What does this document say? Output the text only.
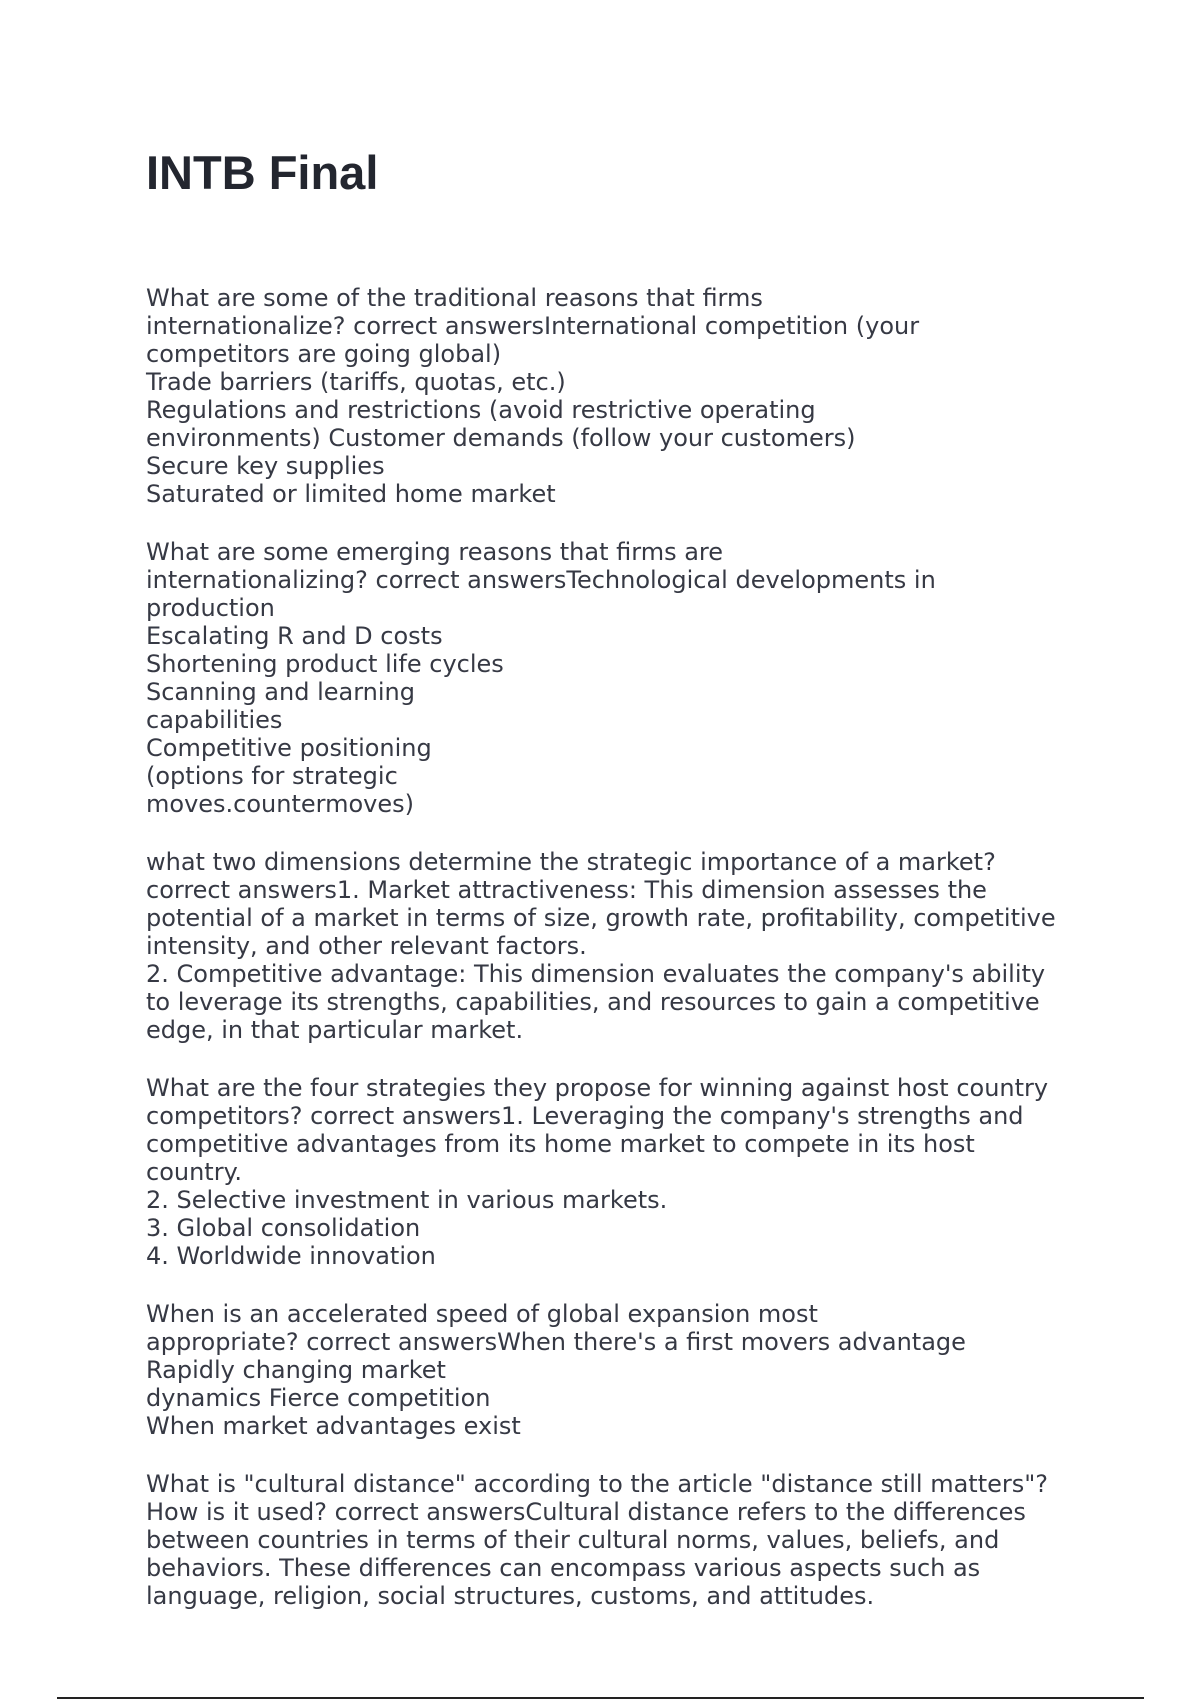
INTB Final
What are some of the traditional reasons that firms
internationalize? correct answersInternational competition (your
competitors are going global)
Trade barriers (tariffs, quotas, etc.)
Regulations and restrictions (avoid restrictive operating
environments) Customer demands (follow your customers)
Secure key supplies
Saturated or limited home market
What are some emerging reasons that firms are
internationalizing? correct answersTechnological developments in
production
Escalating R and D costs
Shortening product life cycles
Scanning and learning
capabilities
Competitive positioning
(options for strategic
moves.countermoves)
what two dimensions determine the strategic importance of a market?
correct answers1. Market attractiveness: This dimension assesses the
potential of a market in terms of size, growth rate, profitability, competitive
intensity, and other relevant factors.
2. Competitive advantage: This dimension evaluates the company's ability
to leverage its strengths, capabilities, and resources to gain a competitive
edge, in that particular market.
What are the four strategies they propose for winning against host country
competitors? correct answers1. Leveraging the company's strengths and
competitive advantages from its home market to compete in its host
country.
2. Selective investment in various markets.
3. Global consolidation
4. Worldwide innovation
When is an accelerated speed of global expansion most
appropriate? correct answersWhen there's a first movers advantage
Rapidly changing market
dynamics Fierce competition
When market advantages exist
What is "cultural distance" according to the article "distance still matters"?
How is it used? correct answersCultural distance refers to the differences
between countries in terms of their cultural norms, values, beliefs, and
behaviors. These differences can encompass various aspects such as
language, religion, social structures, customs, and attitudes.
